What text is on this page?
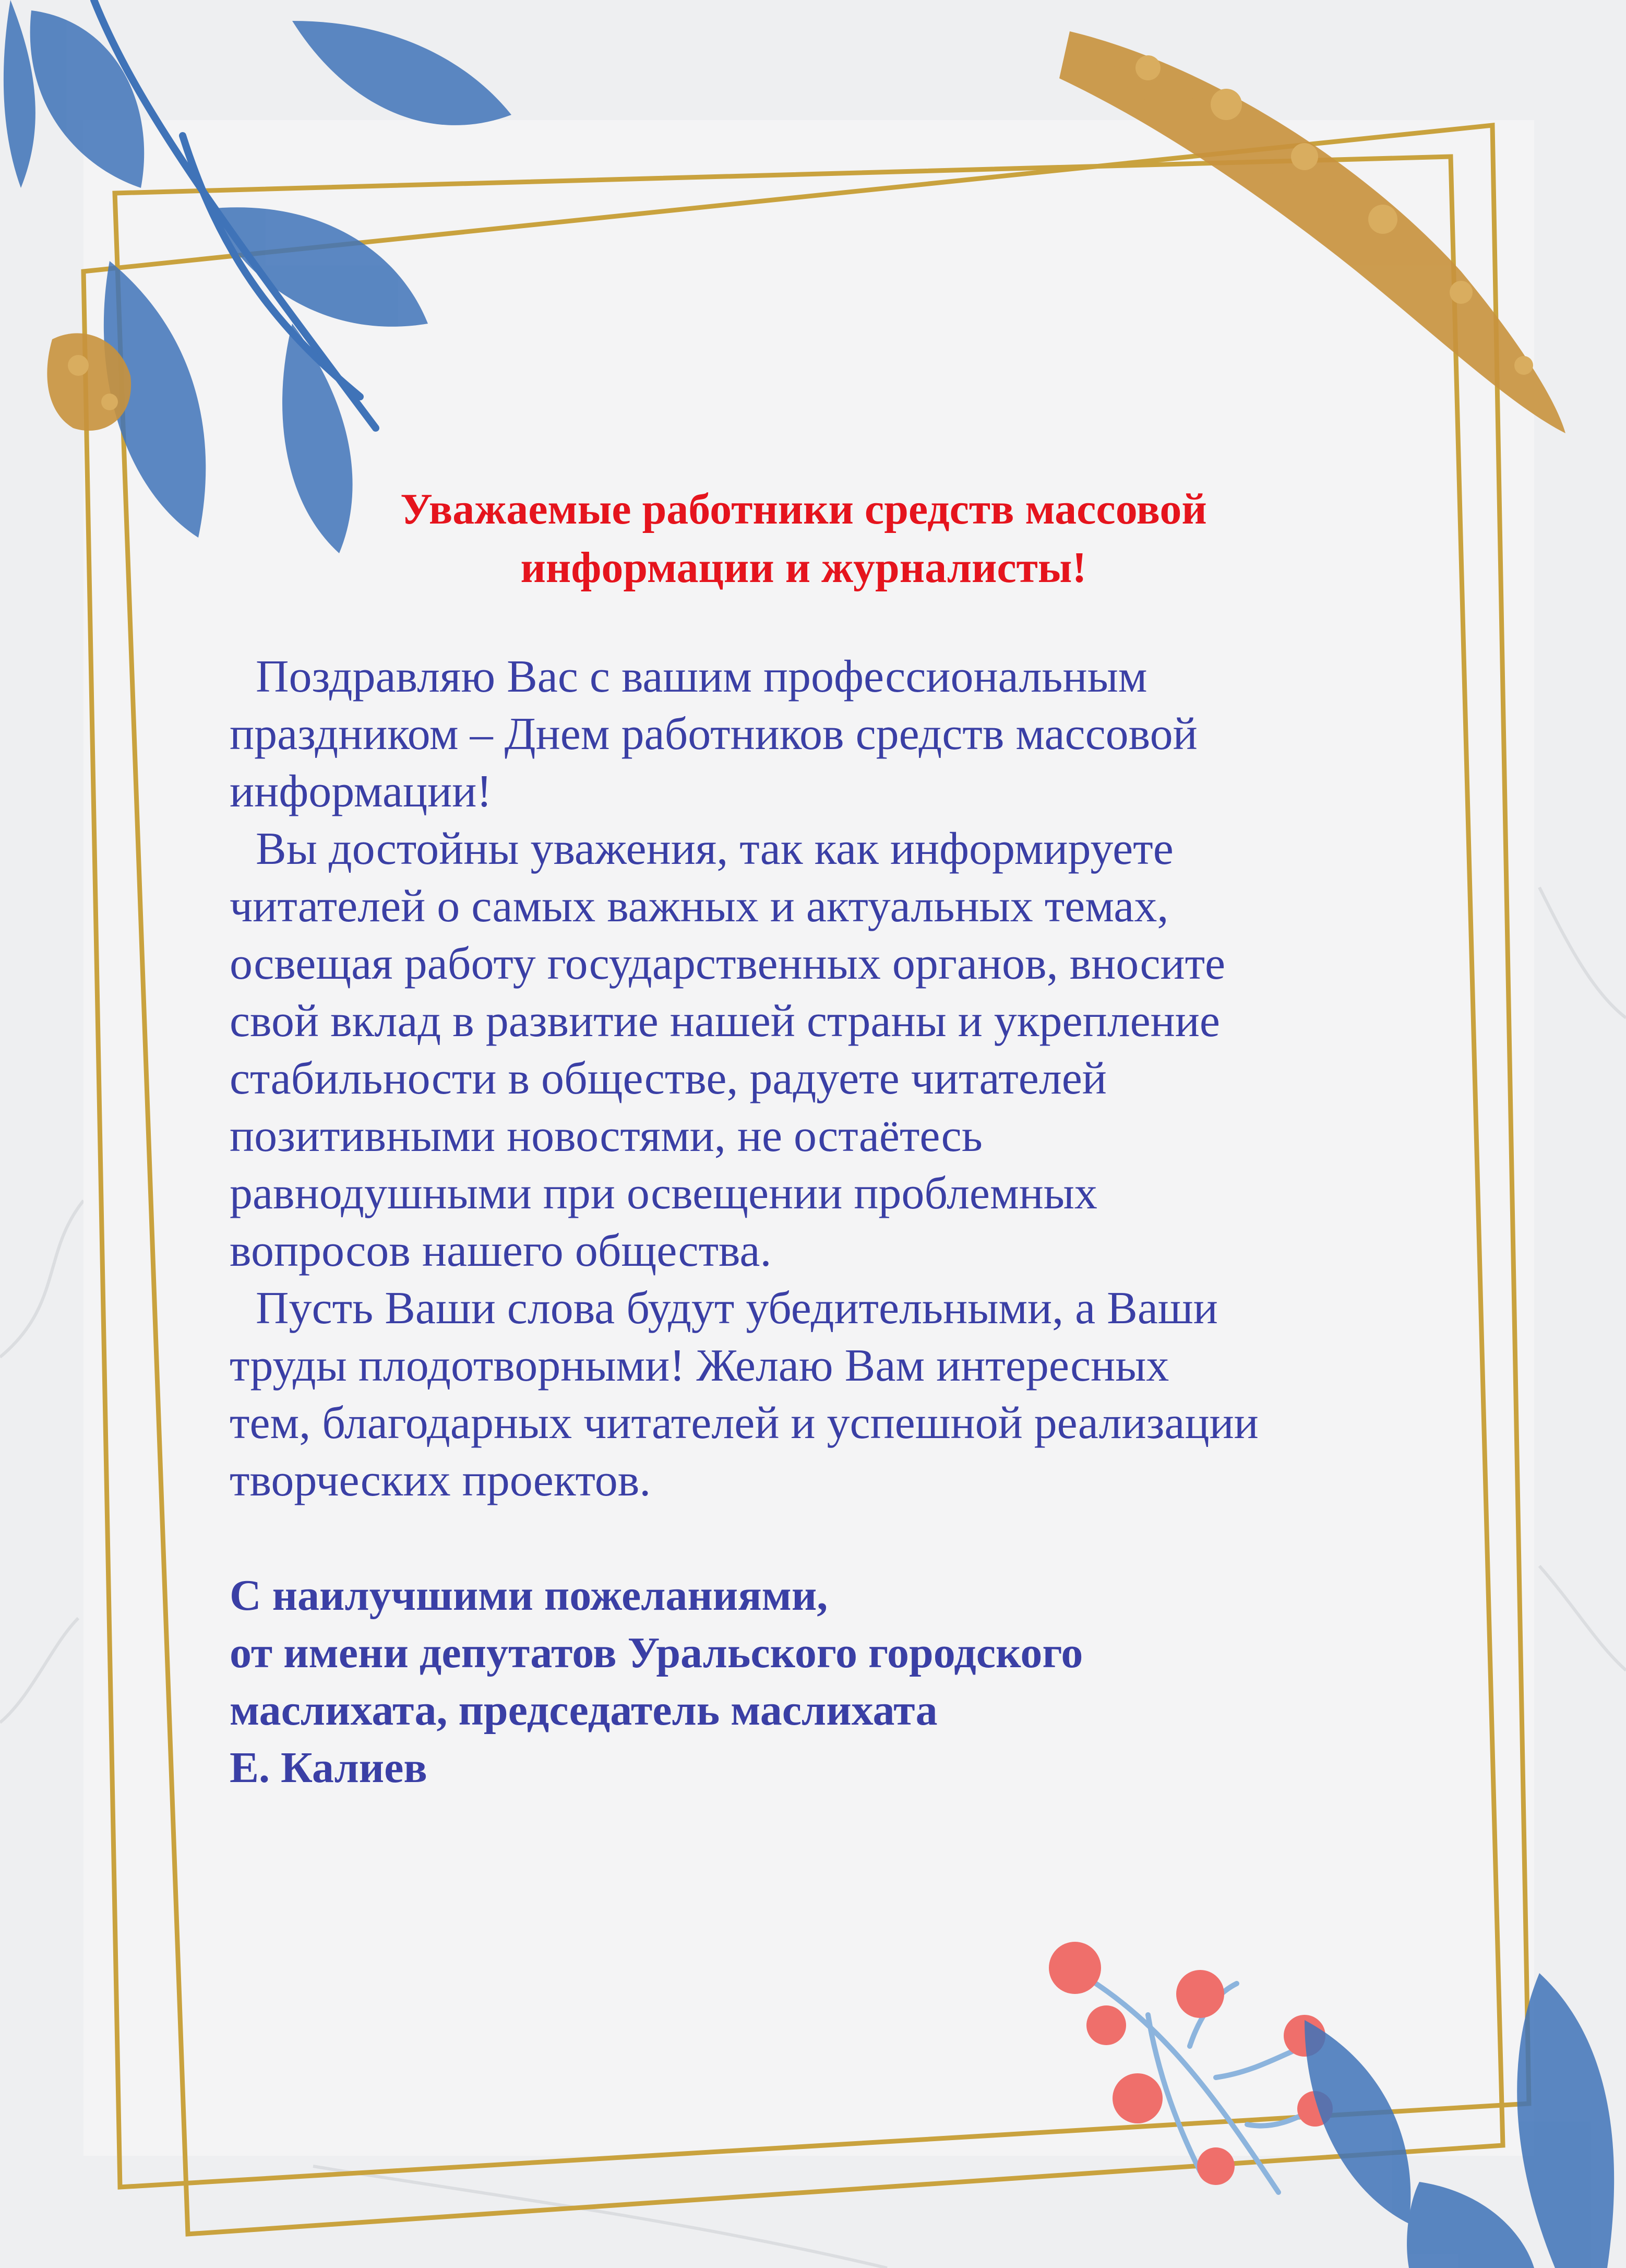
Уважаемые работники средств массовой
информации и журналисты!

Поздравляю Вас с вашим профессиональным
праздником – Днем работников средств массовой
информации!

Вы достойны уважения, так как информируете
читателей о самых важных и актуальных темах,
освещая работу государственных органов, вносите
свой вклад в развитие нашей страны и укрепление
стабильности в обществе, радуете читателей
позитивными новостями, не остаётесь
равнодушными при освещении проблемных
вопросов нашего общества.

Пусть Ваши слова будут убедительными, а Ваши
труды плодотворными! Желаю Вам интересных
тем, благодарных читателей и успешной реализации
творческих проектов.

С наилучшими пожеланиями,
от имени депутатов Уральского городского
маслихата, председатель маслихата
Е. Калиев
